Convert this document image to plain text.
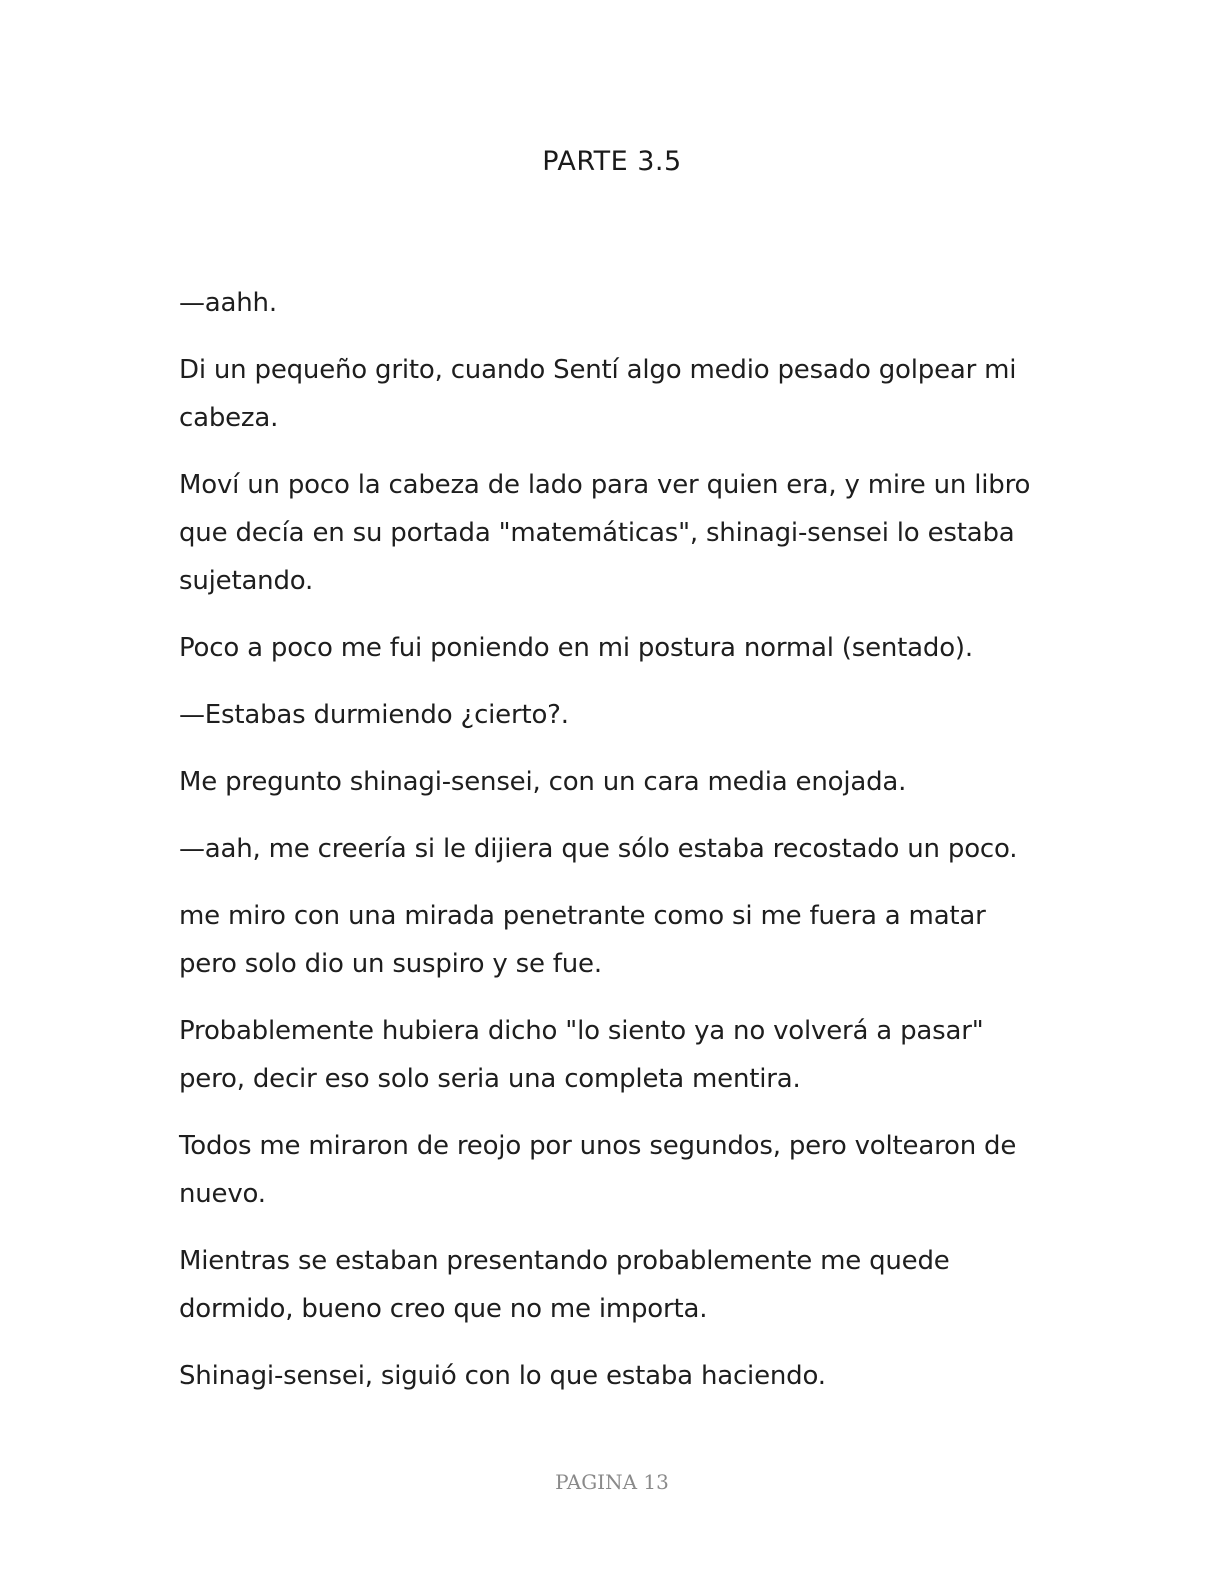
PARTE 3.5

—aahh.

Di un pequeño grito, cuando Sentí algo medio pesado golpear mi cabeza.

Moví un poco la cabeza de lado para ver quien era, y mire un libro que decía en su portada "matemáticas", shinagi-sensei lo estaba sujetando.

Poco a poco me fui poniendo en mi postura normal (sentado).

—Estabas durmiendo ¿cierto?.

Me pregunto shinagi-sensei, con un cara media enojada.

—aah, me creería si le dijiera que sólo estaba recostado un poco.

me miro con una mirada penetrante como si me fuera a matar pero solo dio un suspiro y se fue.

Probablemente hubiera dicho "lo siento ya no volverá a pasar" pero, decir eso solo seria una completa mentira.

Todos me miraron de reojo por unos segundos, pero voltearon de nuevo.

Mientras se estaban presentando probablemente me quede dormido, bueno creo que no me importa.

Shinagi-sensei, siguió con lo que estaba haciendo.

PAGINA 13
